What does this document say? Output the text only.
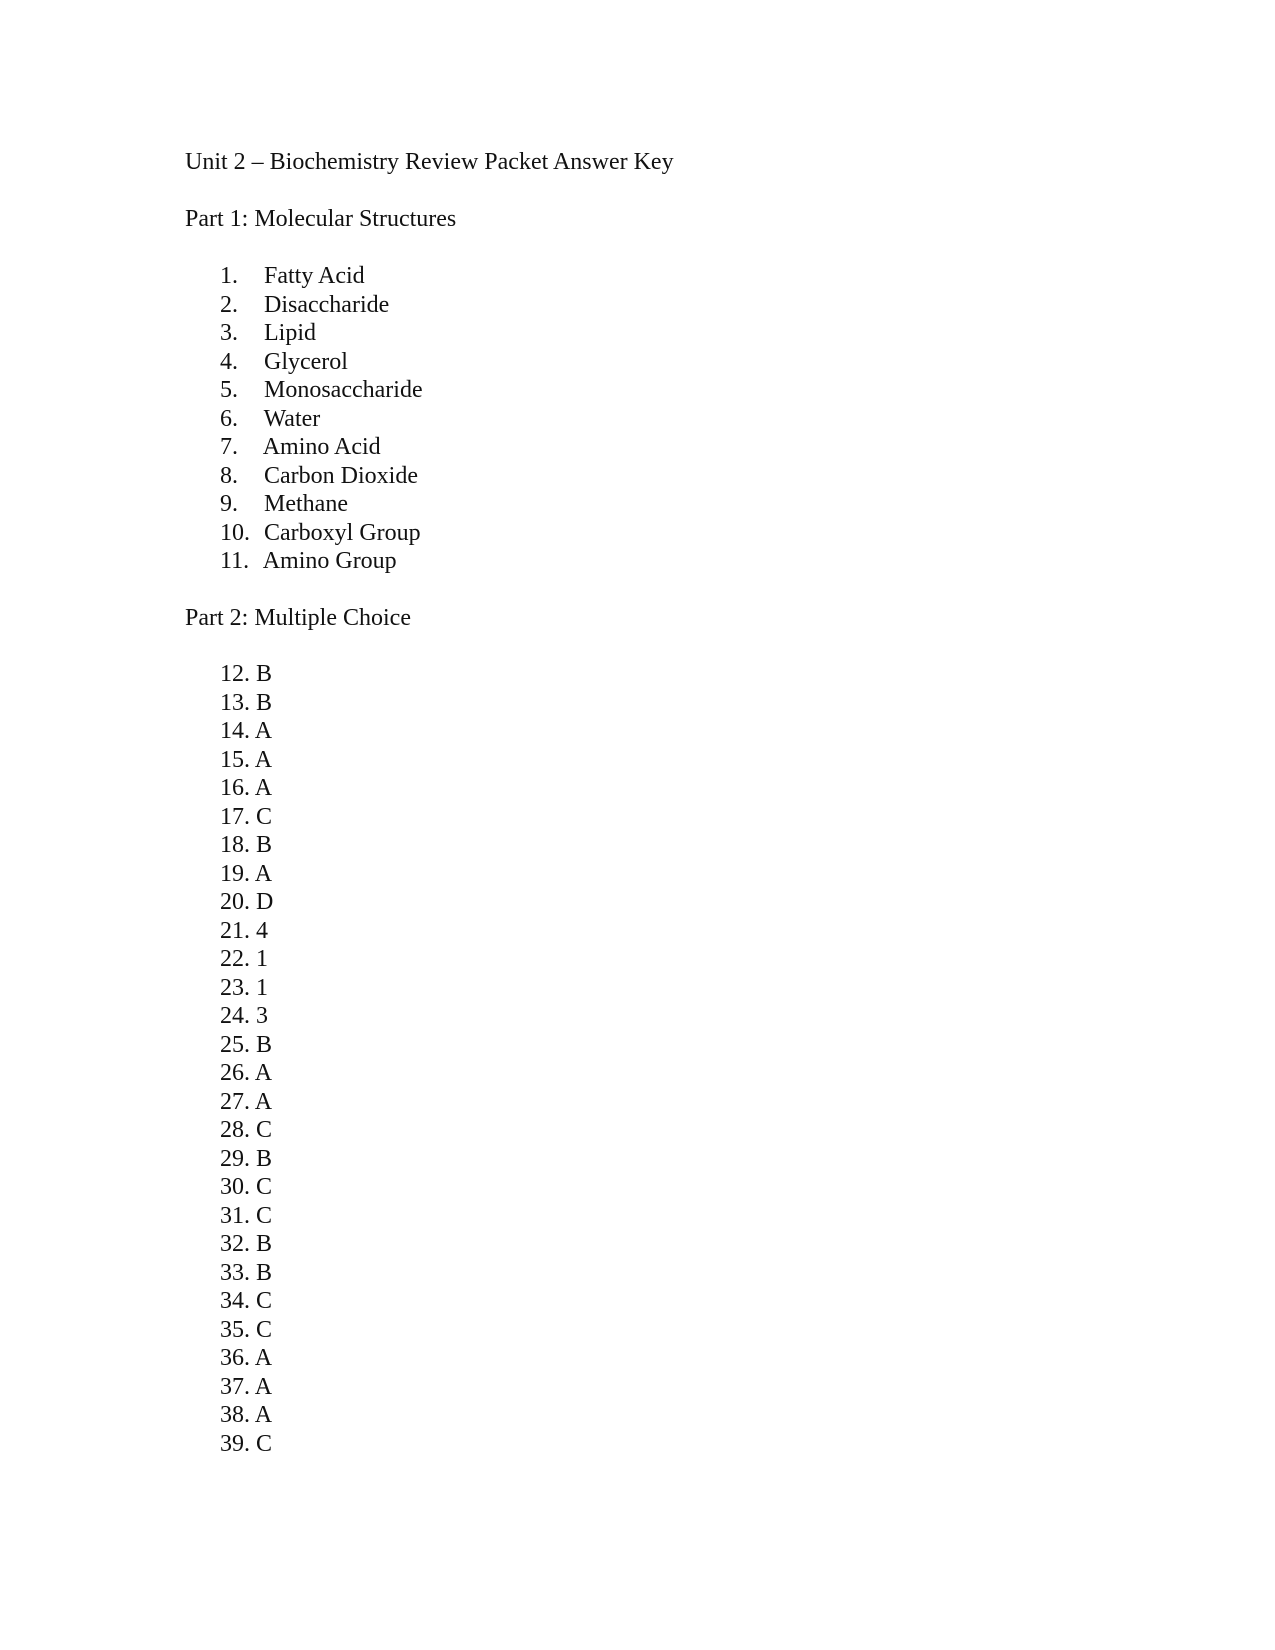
Unit 2 – Biochemistry Review Packet Answer Key
Part 1: Molecular Structures
1. Fatty Acid
2. Disaccharide
3. Lipid
4. Glycerol
5. Monosaccharide
6. Water
7. Amino Acid
8. Carbon Dioxide
9. Methane
10. Carboxyl Group
11. Amino Group
Part 2: Multiple Choice
12. B
13. B
14. A
15. A
16. A
17. C
18. B
19. A
20. D
21. 4
22. 1
23. 1
24. 3
25. B
26. A
27. A
28. C
29. B
30. C
31. C
32. B
33. B
34. C
35. C
36. A
37. A
38. A
39. C
